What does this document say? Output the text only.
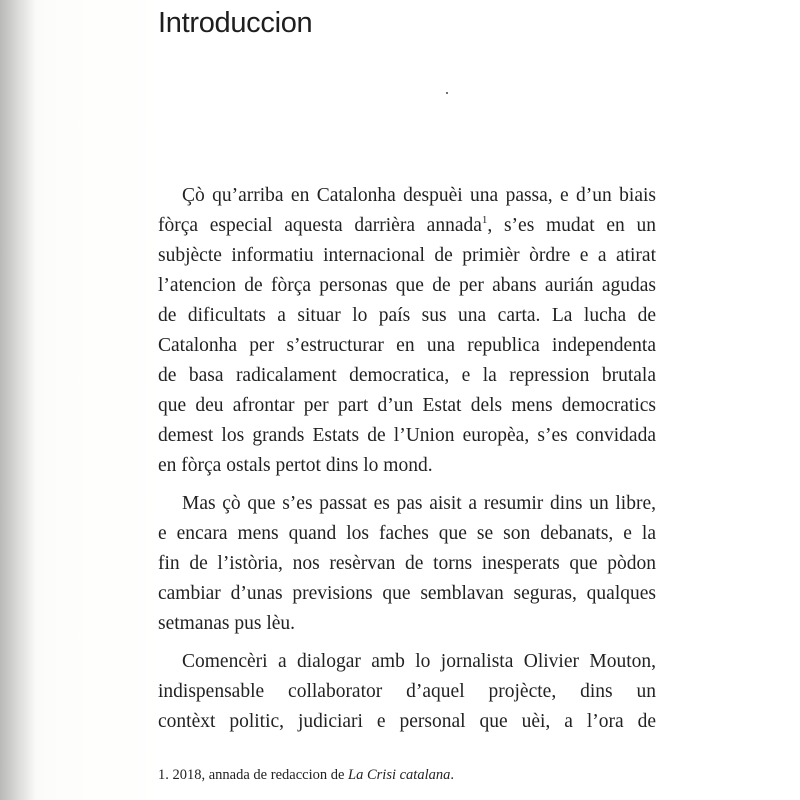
Introduccion
Çò qu’arriba en Catalonha despuèi una passa, e d’un biais
fòrça especial aquesta darrièra annada$^1$, s’es mudat en un
subjècte informatiu internacional de primièr òrdre e a atirat
l’atencion de fòrça personas que de per abans aurián agudas
de dificultats a situar lo país sus una carta. La lucha de
Catalonha per s’estructurar en una republica independenta
de basa radicalament democratica, e la repression brutala
que deu afrontar per part d’un Estat dels mens democratics
demest los grands Estats de l’Union europèa, s’es convidada
en fòrça ostals pertot dins lo mond.
Mas çò que s’es passat es pas aisit a resumir dins un libre,
e encara mens quand los faches que se son debanats, e la
fin de l’istòria, nos resèrvan de torns inesperats que pòdon
cambiar d’unas previsions que semblavan seguras, qualques
setmanas pus lèu.
Comencèri a dialogar amb lo jornalista Olivier Mouton,
indispensable collaborator d’aquel projècte, dins un
contèxt politic, judiciari e personal que uèi, a l’ora de
1. 2018, annada de redaccion de La Crisi catalana.
